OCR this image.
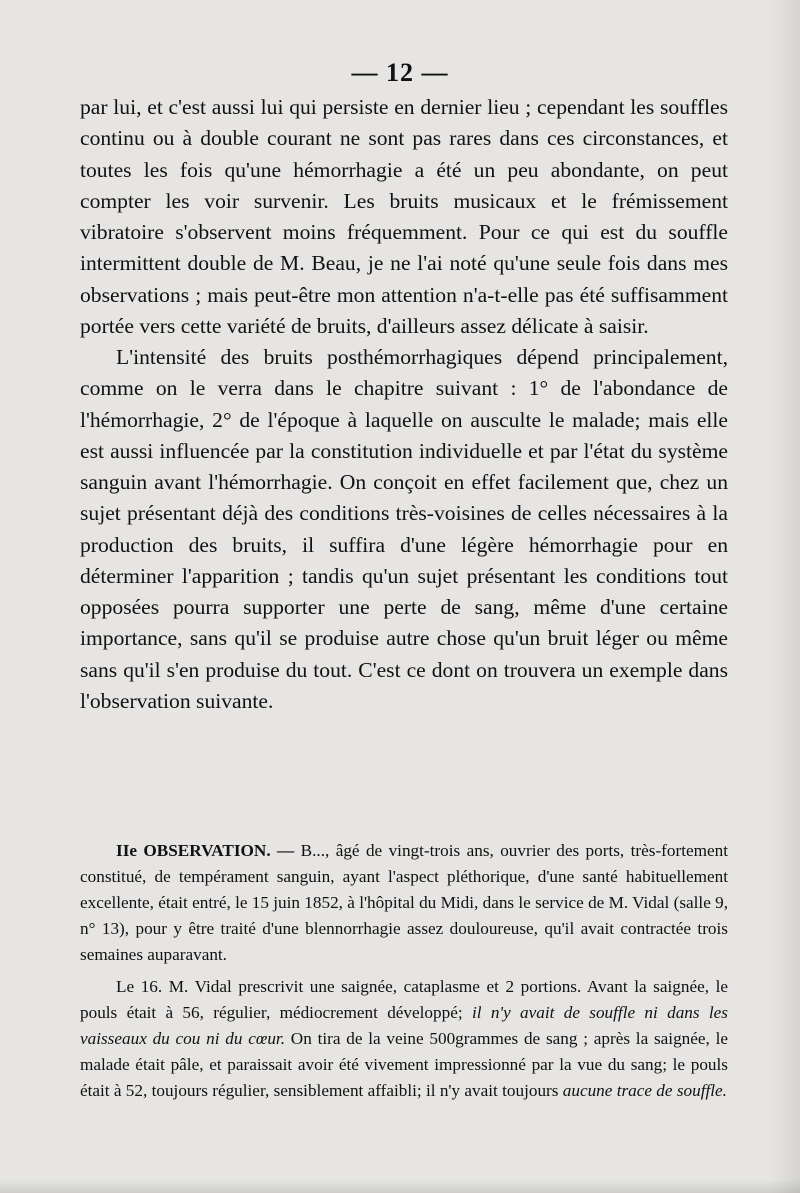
— 12 —

par lui, et c'est aussi lui qui persiste en dernier lieu ; cependant les souffles continu ou à double courant ne sont pas rares dans ces circonstances, et toutes les fois qu'une hémorrhagie a été un peu abondante, on peut compter les voir survenir. Les bruits musicaux et le frémissement vibratoire s'observent moins fréquemment. Pour ce qui est du souffle intermittent double de M. Beau, je ne l'ai noté qu'une seule fois dans mes observations ; mais peut-être mon attention n'a-t-elle pas été suffisamment portée vers cette variété de bruits, d'ailleurs assez délicate à saisir.

L'intensité des bruits posthémorrhagiques dépend principalement, comme on le verra dans le chapitre suivant : 1° de l'abondance de l'hémorrhagie, 2° de l'époque à laquelle on ausculte le malade; mais elle est aussi influencée par la constitution individuelle et par l'état du système sanguin avant l'hémorrhagie. On conçoit en effet facilement que, chez un sujet présentant déjà des conditions très-voisines de celles nécessaires à la production des bruits, il suffira d'une légère hémorrhagie pour en déterminer l'apparition ; tandis qu'un sujet présentant les conditions tout opposées pourra supporter une perte de sang, même d'une certaine importance, sans qu'il se produise autre chose qu'un bruit léger ou même sans qu'il s'en produise du tout. C'est ce dont on trouvera un exemple dans l'observation suivante.

IIe OBSERVATION. — B..., âgé de vingt-trois ans, ouvrier des ports, très-fortement constitué, de tempérament sanguin, ayant l'aspect pléthorique, d'une santé habituellement excellente, était entré, le 15 juin 1852, à l'hôpital du Midi, dans le service de M. Vidal (salle 9, n° 13), pour y être traité d'une blennorrhagie assez douloureuse, qu'il avait contractée trois semaines auparavant.

Le 16. M. Vidal prescrivit une saignée, cataplasme et 2 portions. Avant la saignée, le pouls était à 56, régulier, médiocrement développé; il n'y avait de souffle ni dans les vaisseaux du cou ni du cœur. On tira de la veine 500grammes de sang ; après la saignée, le malade était pâle, et paraissait avoir été vivement impressionné par la vue du sang; le pouls était à 52, toujours régulier, sensiblement affaibli; il n'y avait toujours aucune trace de souffle.
